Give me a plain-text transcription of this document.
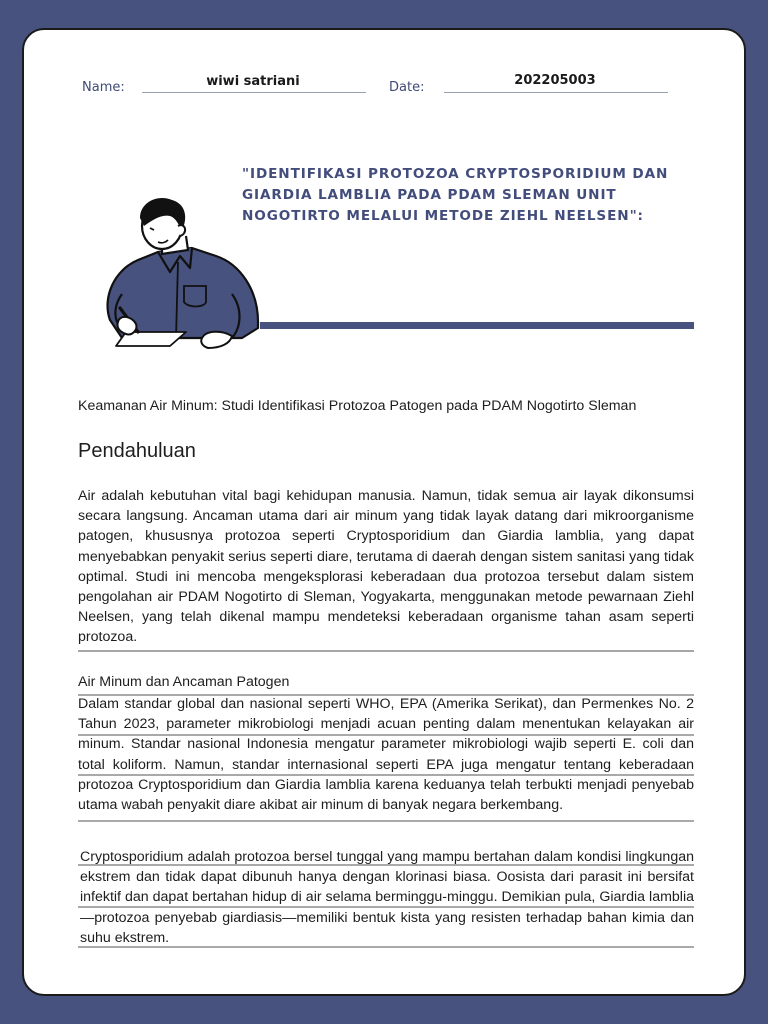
Name:	wiwi satriani	Date:	202205003
"IDENTIFIKASI PROTOZOA CRYPTOSPORIDIUM DAN GIARDIA LAMBLIA PADA PDAM SLEMAN UNIT NOGOTIRTO MELALUI METODE ZIEHL NEELSEN":
Keamanan Air Minum: Studi Identifikasi Protozoa Patogen pada PDAM Nogotirto Sleman
Pendahuluan
Air adalah kebutuhan vital bagi kehidupan manusia. Namun, tidak semua air layak dikonsumsi secara langsung. Ancaman utama dari air minum yang tidak layak datang dari mikroorganisme patogen, khususnya protozoa seperti Cryptosporidium dan Giardia lamblia, yang dapat menyebabkan penyakit serius seperti diare, terutama di daerah dengan sistem sanitasi yang tidak optimal. Studi ini mencoba mengeksplorasi keberadaan dua protozoa tersebut dalam sistem pengolahan air PDAM Nogotirto di Sleman, Yogyakarta, menggunakan metode pewarnaan Ziehl Neelsen, yang telah dikenal mampu mendeteksi keberadaan organisme tahan asam seperti protozoa.
Air Minum dan Ancaman Patogen
Dalam standar global dan nasional seperti WHO, EPA (Amerika Serikat), dan Permenkes No. 2 Tahun 2023, parameter mikrobiologi menjadi acuan penting dalam menentukan kelayakan air minum. Standar nasional Indonesia mengatur parameter mikrobiologi wajib seperti E. coli dan total koliform. Namun, standar internasional seperti EPA juga mengatur tentang keberadaan protozoa Cryptosporidium dan Giardia lamblia karena keduanya telah terbukti menjadi penyebab utama wabah penyakit diare akibat air minum di banyak negara berkembang.
Cryptosporidium adalah protozoa bersel tunggal yang mampu bertahan dalam kondisi lingkungan ekstrem dan tidak dapat dibunuh hanya dengan klorinasi biasa. Oosista dari parasit ini bersifat infektif dan dapat bertahan hidup di air selama berminggu-minggu. Demikian pula, Giardia lamblia—protozoa penyebab giardiasis—memiliki bentuk kista yang resisten terhadap bahan kimia dan suhu ekstrem.
